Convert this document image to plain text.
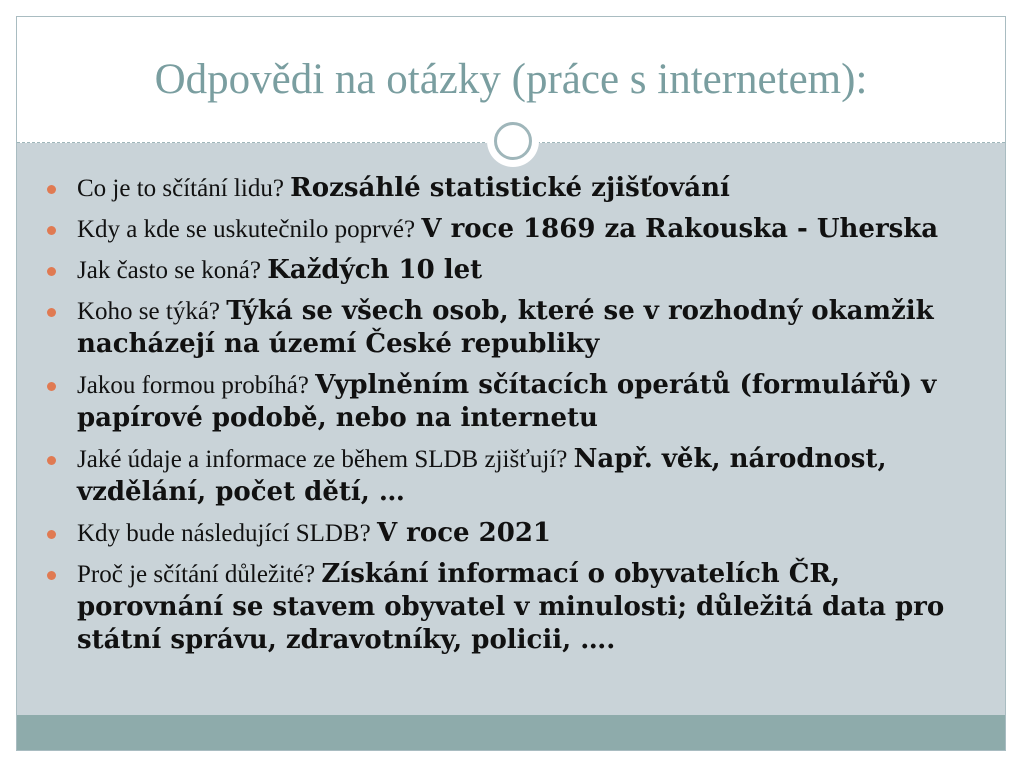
Odpovědi na otázky (práce s internetem):
Co je to sčítání lidu? Rozsáhlé statistické zjišťování
Kdy a kde se uskutečnilo poprvé? V roce 1869 za Rakouska - Uherska
Jak často se koná? Každých 10 let
Koho se týká? Týká se všech osob, které se v rozhodný okamžik nacházejí na území České republiky
Jakou formou probíhá? Vyplněním sčítacích operátů (formulářů) v papírové podobě, nebo na internetu
Jaké údaje a informace ze během SLDB zjišťují? Např. věk, národnost, vzdělání, počet dětí, …
Kdy bude následující SLDB? V roce 2021
Proč je sčítání důležité? Získání informací o obyvatelích ČR, porovnání se stavem obyvatel v minulosti; důležitá data pro státní správu, zdravotníky, policii, ….
